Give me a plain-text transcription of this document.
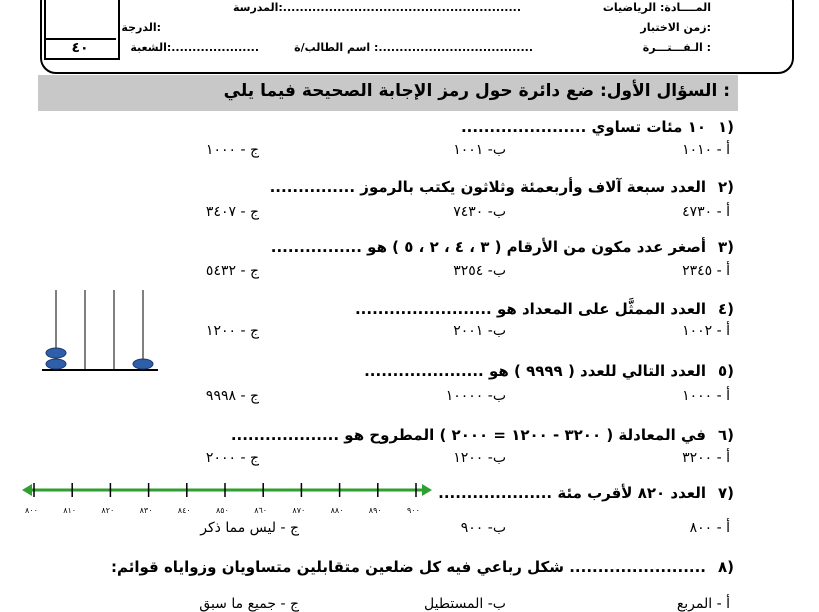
٤٠
المــــادة: الرياضيات
المدرسة:.........................................................
زمن الاختبار:
الدرجة:
الـفـــتـــرة :
اسم الطالب/ة :.....................................
الشعبة:.....................
السؤال الأول: ضع دائرة حول رمز الإجابة الصحيحة فيما يلي :
١)
١٠ مئات تساوي ......................
أ - ١٠١٠
ب- ١٠٠١
ج - ١٠٠٠
٢)
العدد سبعة آلاف وأربعمئة وثلاثون يكتب بالرموز ...............
أ - ٤٧٣٠
ب- ٧٤٣٠
ج - ٣٤٠٧
٣)
أصغر عدد مكون من الأرقام ( ٣ ، ٤ ، ٢ ، ٥ ) هو ................
أ - ٢٣٤٥
ب- ٣٢٥٤
ج - ٥٤٣٢
٤)
العدد الممثَّل على المعداد هو ........................
أ - ١٠٠٢
ب- ٢٠٠١
ج - ١٢٠٠
٥)
العدد التالي للعدد ( ٩٩٩٩ ) هو .....................
أ - ١٠٠٠
ب- ١٠٠٠٠
ج - ٩٩٩٨
٦)
في المعادلة ( ٣٢٠٠ - ١٢٠٠ = ٢٠٠٠ ) المطروح هو ...................
أ - ٣٢٠٠
ب- ١٢٠٠
ج - ٢٠٠٠
٧)
العدد ٨٢٠ لأقرب مئة ....................
٨٠٠	٨١٠	٨٢٠	٨٣٠	٨٤٠	٨٥٠	٨٦٠	٨٧٠	٨٨٠	٨٩٠	٩٠٠
أ - ٨٠٠
ب- ٩٠٠
ج - ليس مما ذكر
٨)
........................ شكل رباعي فيه كل ضلعين متقابلين متساويان وزواياه قوائم:
أ - المربع
ب- المستطيل
ج - جميع ما سبق
